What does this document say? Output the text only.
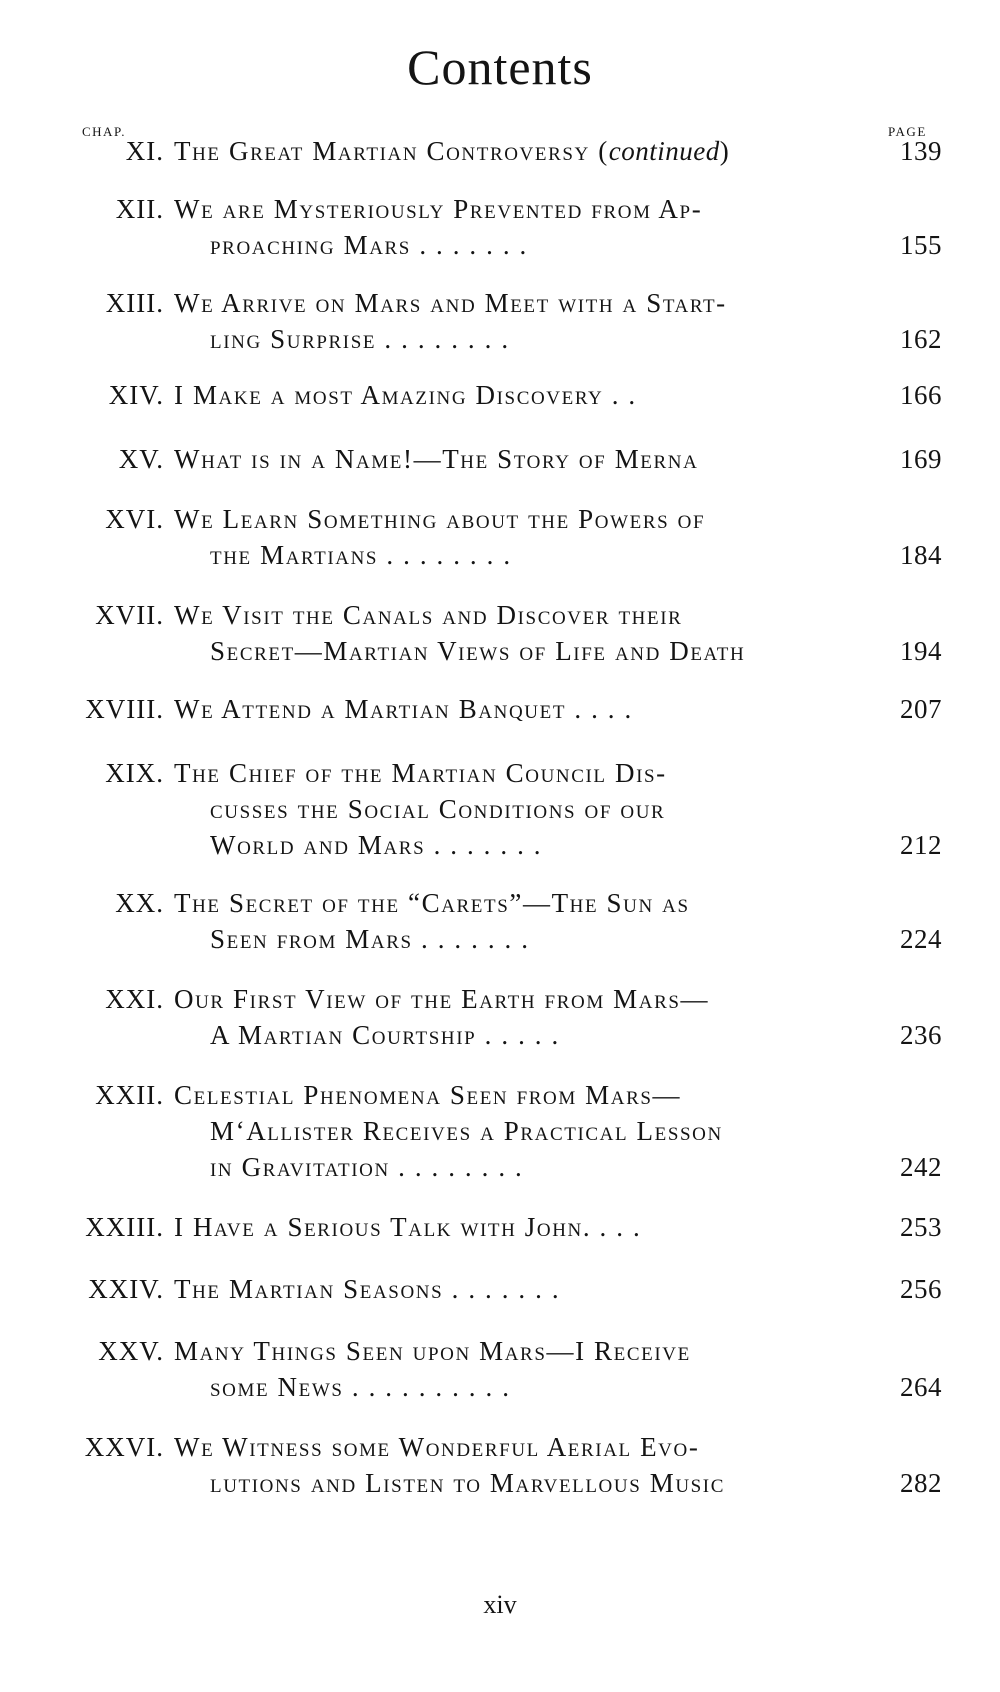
Contents
CHAP.	PAGE
XI. The Great Martian Controversy (continued)	139
XII. We are Mysteriously Prevented from Ap-
proaching Mars . . . . . . .	155
XIII. We Arrive on Mars and Meet with a Start-
ling Surprise . . . . . . . .	162
XIV. I Make a most Amazing Discovery . .	166
XV. What is in a Name!—The Story of Merna	169
XVI. We Learn Something about the Powers of
the Martians . . . . . . . .	184
XVII. We Visit the Canals and Discover their
Secret—Martian Views of Life and Death	194
XVIII. We Attend a Martian Banquet . . . .	207
XIX. The Chief of the Martian Council Dis-
cusses the Social Conditions of our
World and Mars . . . . . . .	212
XX. The Secret of the “Carets”—The Sun as
Seen from Mars . . . . . . .	224
XXI. Our First View of the Earth from Mars—
A Martian Courtship . . . . .	236
XXII. Celestial Phenomena Seen from Mars—
M‘Allister Receives a Practical Lesson
in Gravitation . . . . . . . .	242
XXIII. I Have a Serious Talk with John. . . .	253
XXIV. The Martian Seasons . . . . . . .	256
XXV. Many Things Seen upon Mars—I Receive
some News . . . . . . . . . .	264
XXVI. We Witness some Wonderful Aerial Evo-
lutions and Listen to Marvellous Music	282
xiv
